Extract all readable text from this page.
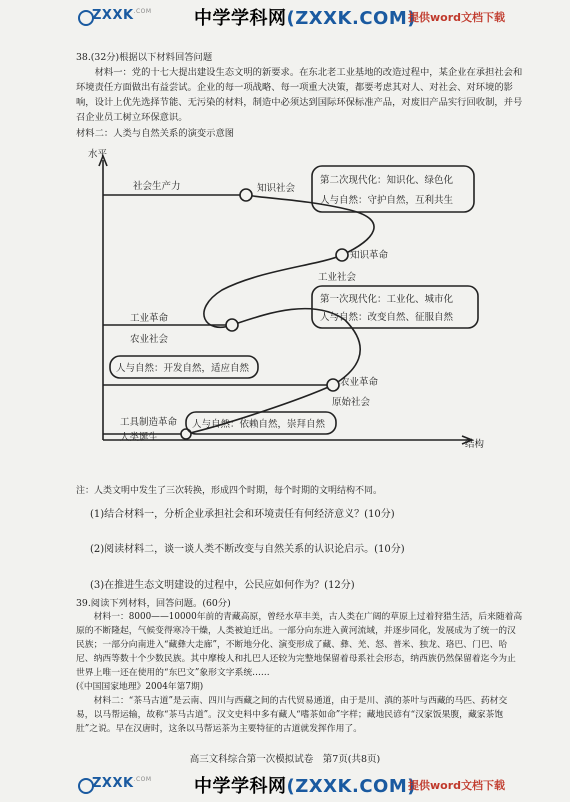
$ZXXK^{.COM}$ 中学学科网(ZXXK.COM)
提供word文档下载
38.(32分)根据以下材料回答问题
材料一：党的十七大提出建设生态文明的新要求。在东北老工业基地的改造过程中，某企业在承担社会和环境责任方面做出有益尝试。企业的每一项战略、每一项重大决策，都要考虑其对人、对社会、对环境的影响，设计上优先选择节能、无污染的材料，制造中必须达到国际环保标准产品，对废旧产品实行回收制，并号召企业员工树立环保意识。
材料二：人类与自然关系的演变示意图
水平
结构
社会生产力	知识社会
知识革命
工业社会
工业革命
农业社会
农业革命
原始社会
工具制造革命
人类诞生
第二次现代化：知识化、绿色化
人与自然：守护自然，互利共生
第一次现代化：工业化、城市化
人与自然：改变自然、征服自然
人与自然：开发自然，适应自然
人与自然：依赖自然，崇拜自然
注：人类文明中发生了三次转换，形成四个时期，每个时期的文明结构不同。
(1)结合材料一，分析企业承担社会和环境责任有何经济意义？(10分)
(2)阅读材料二，谈一谈人类不断改变与自然关系的认识论启示。(10分)
(3)在推进生态文明建设的过程中，公民应如何作为？(12分)
39.阅读下列材料，回答问题。(60分)
材料一：8000——10000年前的青藏高原，曾经水草丰美，古人类在广阔的草原上过着狩猎生活，后来随着高原的不断隆起，气候变得寒冷干燥，人类被迫迁出。一部分向东进入黄河流域，并逐步同化，发展成为了统一的汉民族；一部分向南进入“藏彝大走廊”，不断地分化、演变形成了藏、彝、羌、怒、普米、独龙、珞巴、门巴、哈尼、纳西等数十个少数民族。其中摩梭人和扎巴人还较为完整地保留着母系社会形态，纳西族仍然保留着迄今为止世界上唯一还在使用的“东巴文”象形文字系统……
(《中国国家地理》2004年第7期)
材料二：“茶马古道”是云南、四川与西藏之间的古代贸易通道，由于是川、滇的茶叶与西藏的马匹、药材交易，以马帮运输，故称“茶马古道”。汉文史料中多有藏人“嗜茶如命”字样；藏地民谚有“汉家饭果腹，藏家茶饱肚”之说。早在汉唐时，这条以马帮运茶为主要特征的古道就发挥作用了。
高三文科综合第一次模拟试卷　第7页(共8页)
$ZXXK^{.COM}$ 中学学科网(ZXXK.COM)
提供word文档下载
